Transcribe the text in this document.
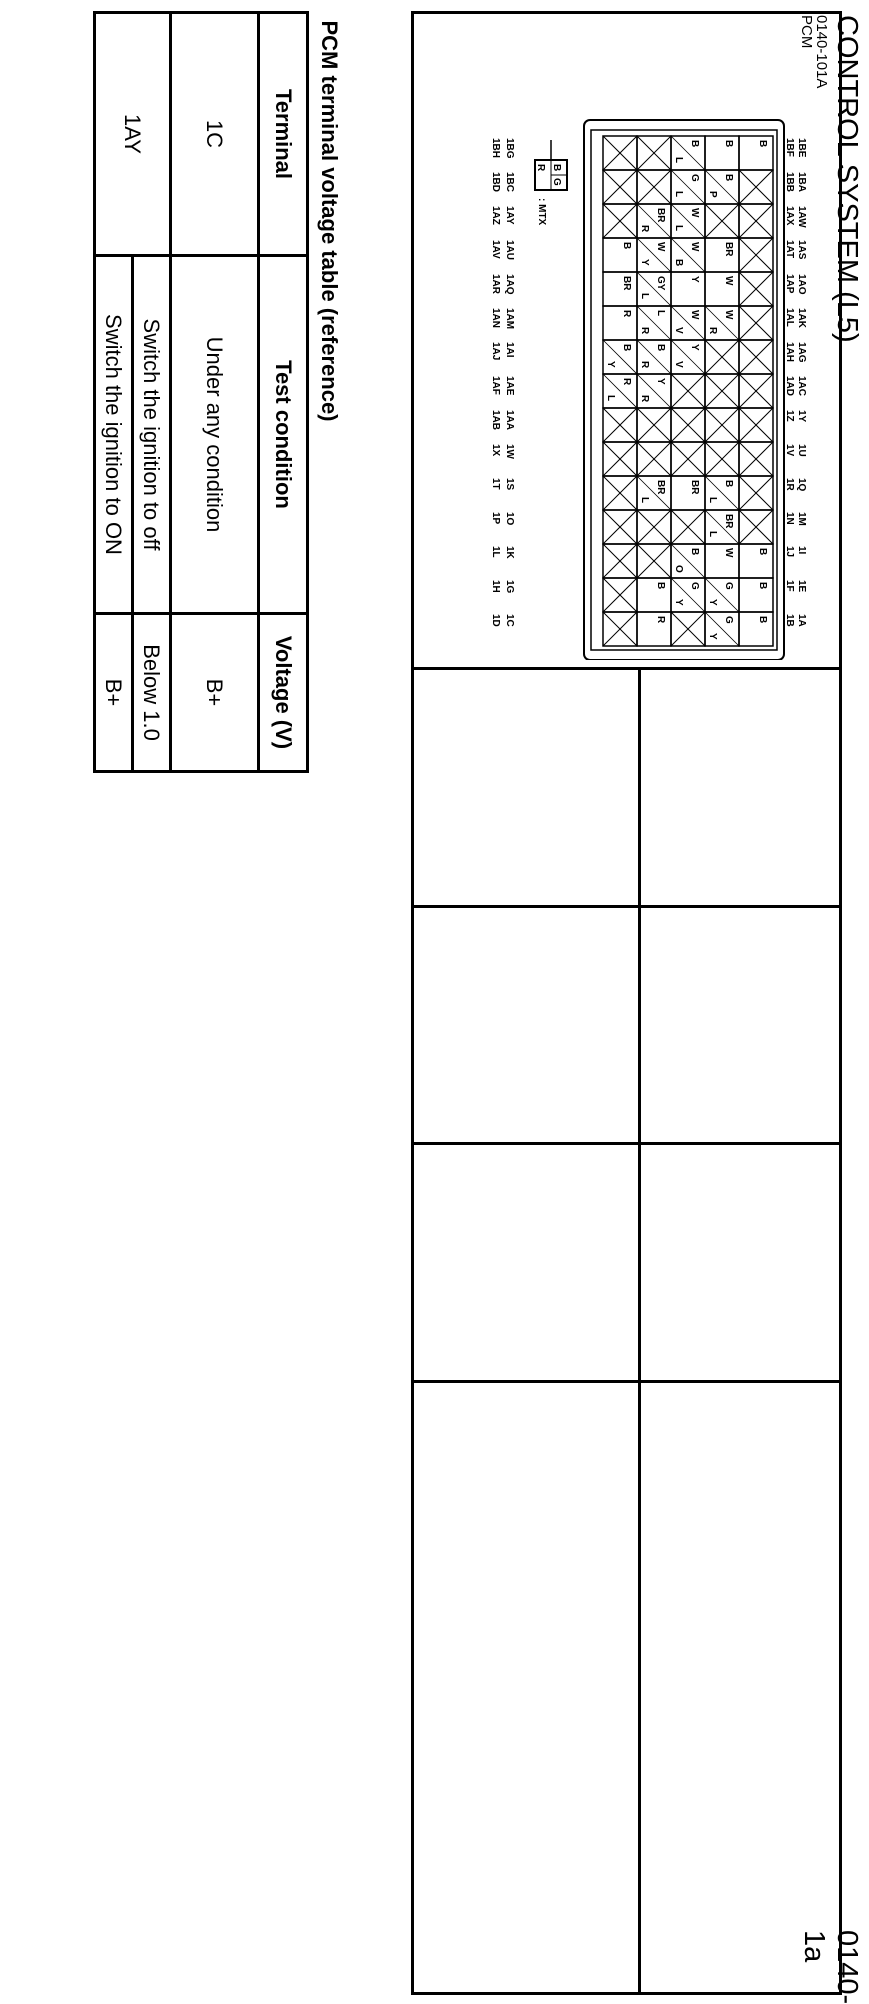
CONTROL SYSTEM (L5)
0140-1a
0140-101A
PCM
B
B
B
B
B
B
P
BR
W
W
R
B
L
BR
L
W
G
Y
G
Y
B
L
G
L
W
L
W
B
Y
W
V
Y
V
BR
B
O
G
Y
BR
R
W
Y
GY
L
L
R
B
R
Y
R
BR
L
B
R
B
BR
R
B
Y
R
L
B
G
R
: MTX
1BE
1BA
1AW
1AS
1AO
1AK
1AG
1AC
1Y
1U
1Q
1M
1I
1E
1A
1BF
1BB
1AX
1AT
1AP
1AL
1AH
1AD
1Z
1V
1R
1N
1J
1F
1B
1BG
1BC
1AY
1AU
1AQ
1AM
1AI
1AE
1AA
1W
1S
1O
1K
1G
1C
1BH
1BD
1AZ
1AV
1AR
1AN
1AJ
1AF
1AB
1X
1T
1P
1L
1H
1D
PCM terminal voltage table (reference)		
Terminal	Test condition	Voltage (V)
1C	Under any condition	B+
1AY	Switch the ignition to off	Below 1.0
	Switch the ignition to ON	B+
